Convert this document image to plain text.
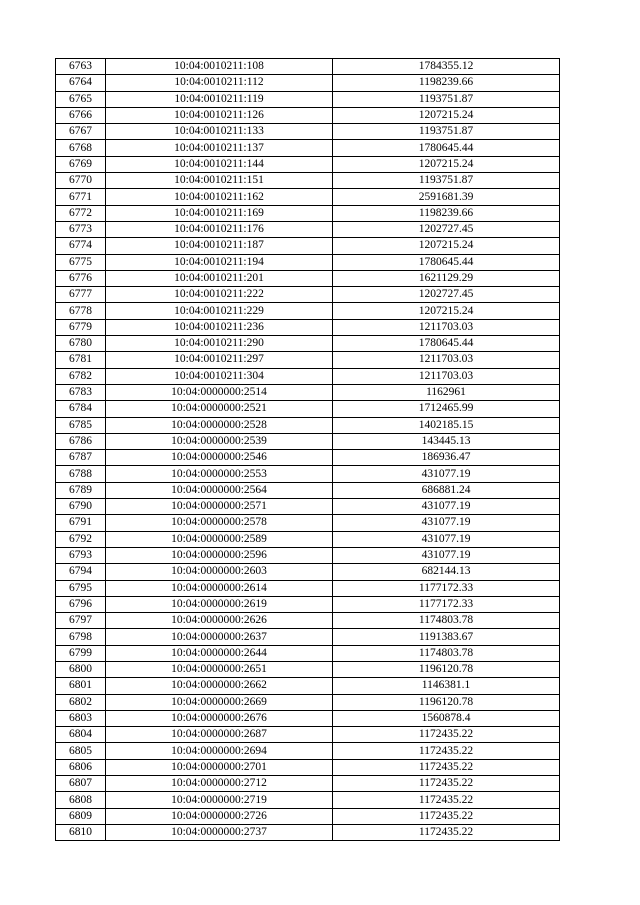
6763	10:04:0010211:108	1784355.12
6764	10:04:0010211:112	1198239.66
6765	10:04:0010211:119	1193751.87
6766	10:04:0010211:126	1207215.24
6767	10:04:0010211:133	1193751.87
6768	10:04:0010211:137	1780645.44
6769	10:04:0010211:144	1207215.24
6770	10:04:0010211:151	1193751.87
6771	10:04:0010211:162	2591681.39
6772	10:04:0010211:169	1198239.66
6773	10:04:0010211:176	1202727.45
6774	10:04:0010211:187	1207215.24
6775	10:04:0010211:194	1780645.44
6776	10:04:0010211:201	1621129.29
6777	10:04:0010211:222	1202727.45
6778	10:04:0010211:229	1207215.24
6779	10:04:0010211:236	1211703.03
6780	10:04:0010211:290	1780645.44
6781	10:04:0010211:297	1211703.03
6782	10:04:0010211:304	1211703.03
6783	10:04:0000000:2514	1162961
6784	10:04:0000000:2521	1712465.99
6785	10:04:0000000:2528	1402185.15
6786	10:04:0000000:2539	143445.13
6787	10:04:0000000:2546	186936.47
6788	10:04:0000000:2553	431077.19
6789	10:04:0000000:2564	686881.24
6790	10:04:0000000:2571	431077.19
6791	10:04:0000000:2578	431077.19
6792	10:04:0000000:2589	431077.19
6793	10:04:0000000:2596	431077.19
6794	10:04:0000000:2603	682144.13
6795	10:04:0000000:2614	1177172.33
6796	10:04:0000000:2619	1177172.33
6797	10:04:0000000:2626	1174803.78
6798	10:04:0000000:2637	1191383.67
6799	10:04:0000000:2644	1174803.78
6800	10:04:0000000:2651	1196120.78
6801	10:04:0000000:2662	1146381.1
6802	10:04:0000000:2669	1196120.78
6803	10:04:0000000:2676	1560878.4
6804	10:04:0000000:2687	1172435.22
6805	10:04:0000000:2694	1172435.22
6806	10:04:0000000:2701	1172435.22
6807	10:04:0000000:2712	1172435.22
6808	10:04:0000000:2719	1172435.22
6809	10:04:0000000:2726	1172435.22
6810	10:04:0000000:2737	1172435.22
